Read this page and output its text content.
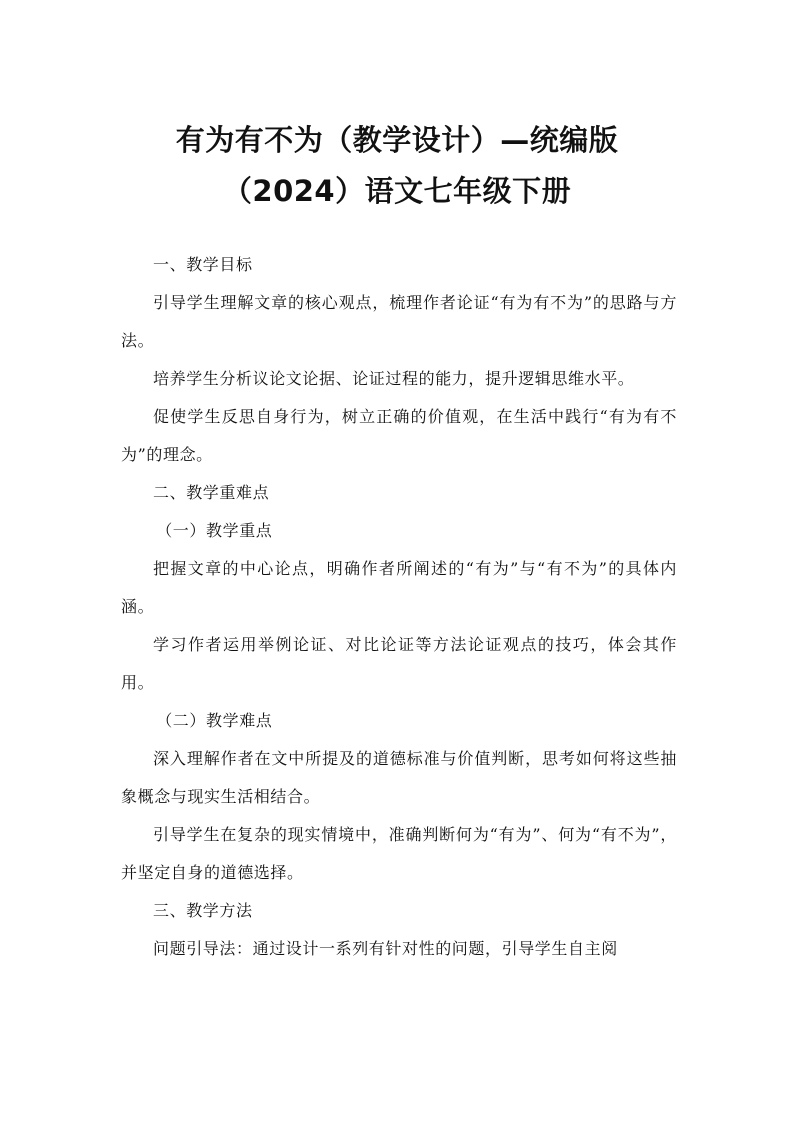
有为有不为（教学设计）—统编版
（2024）语文七年级下册

一、教学目标

引导学生理解文章的核心观点，梳理作者论证“有为有不为”的思路与方法。

培养学生分析议论文论据、论证过程的能力，提升逻辑思维水平。

促使学生反思自身行为，树立正确的价值观，在生活中践行“有为有不为”的理念。

二、教学重难点

（一）教学重点

把握文章的中心论点，明确作者所阐述的“有为”与“有不为”的具体内涵。

学习作者运用举例论证、对比论证等方法论证观点的技巧，体会其作用。

（二）教学难点

深入理解作者在文中所提及的道德标准与价值判断，思考如何将这些抽象概念与现实生活相结合。

引导学生在复杂的现实情境中，准确判断何为“有为”、何为“有不为”，并坚定自身的道德选择。

三、教学方法

问题引导法：通过设计一系列有针对性的问题，引导学生自主阅
